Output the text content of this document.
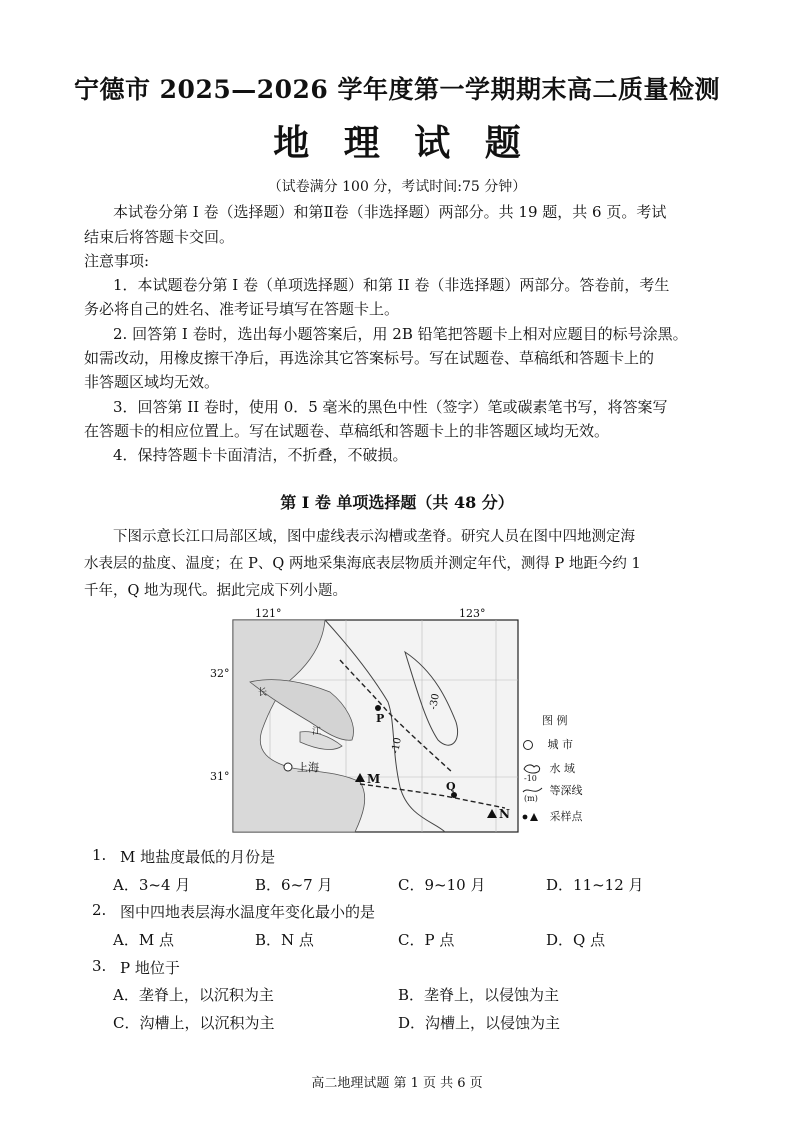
宁德市 2025—2026 学年度第一学期期末高二质量检测
地 理 试 题
（试卷满分 100 分，考试时间:75 分钟）
本试卷分第 I 卷（选择题）和第Ⅱ卷（非选择题）两部分。共 19 题，共 6 页。考试
结束后将答题卡交回。
注意事项:
1．本试题卷分第 I 卷（单项选择题）和第 II 卷（非选择题）两部分。答卷前，考生
务必将自己的姓名、准考证号填写在答题卡上。
2. 回答第 I 卷时，选出每小题答案后，用 2B 铅笔把答题卡上相对应题目的标号涂黑。
如需改动，用橡皮擦干净后，再选涂其它答案标号。写在试题卷、草稿纸和答题卡上的
非答题区域均无效。
3．回答第 II 卷时，使用 0．5 毫米的黑色中性（签字）笔或碳素笔书写，将答案写
在答题卡的相应位置上。写在试题卷、草稿纸和答题卡上的非答题区域均无效。
4．保持答题卡卡面清洁，不折叠，不破损。
第 I 卷 单项选择题（共 48 分）
下图示意长江口局部区域，图中虚线表示沟槽或垄脊。研究人员在图中四地测定海
水表层的盐度、温度；在 P、Q 两地采集海底表层物质并测定年代，测得 P 地距今约 1
千年，Q 地为现代。据此完成下列小题。
上海
M
N
P
Q
-10
-30
长
江
121°	123°
32°
31°
图 例
城 市
水 域

-10
(m)
等深线
采样点
1. M 地盐度最低的月份是
A．3~4 月	B．6~7 月	C．9~10 月	D．11~12 月
2. 图中四地表层海水温度年变化最小的是
A．M 点	B．N 点	C．P 点	D．Q 点
3. P 地位于
A．垄脊上，以沉积为主	B．垄脊上，以侵蚀为主
C．沟槽上，以沉积为主	D．沟槽上，以侵蚀为主
高二地理试题 第 1 页 共 6 页
